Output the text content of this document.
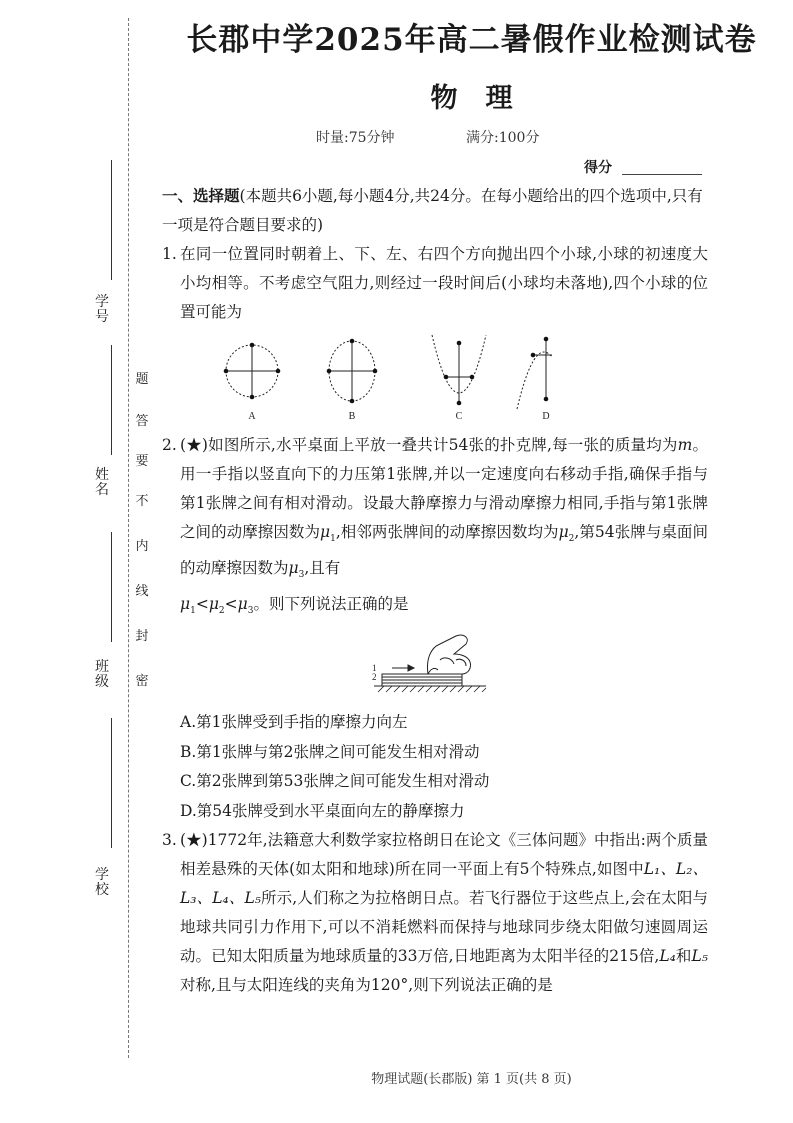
学号
姓名
班级
学校
密
封
线
内
不
要
答
题
长郡中学2025年高二暑假作业检测试卷
物理
时量:75分钟	满分:100分
得分

一、选择题(本题共6小题,每小题4分,共24分。在每小题给出的四个选项中,只有一项是符合题目要求的)

1. 在同一位置同时朝着上、下、左、右四个方向抛出四个小球,小球的初速度大小均相等。不考虑空气阻力,则经过一段时间后(小球均未落地),四个小球的位置可能为
A	B	C	D
2. (★)如图所示,水平桌面上平放一叠共计54张的扑克牌,每一张的质量均为m。用一手指以竖直向下的力压第1张牌,并以一定速度向右移动手指,确保手指与第1张牌之间有相对滑动。设最大静摩擦力与滑动摩擦力相同,手指与第1张牌之间的动摩擦因数为$\mu_1$,相邻两张牌间的动摩擦因数均为$\mu_2$,第54张牌与桌面间的动摩擦因数为$\mu_3$,且有
$\mu_1<\mu_2<\mu_3$。则下列说法正确的是
1
2
A.第1张牌受到手指的摩擦力向左
B.第1张牌与第2张牌之间可能发生相对滑动
C.第2张牌到第53张牌之间可能发生相对滑动
D.第54张牌受到水平桌面向左的静摩擦力
3. (★)1772年,法籍意大利数学家拉格朗日在论文《三体问题》中指出:两个质量相差悬殊的天体(如太阳和地球)所在同一平面上有5个特殊点,如图中L₁、L₂、L₃、L₄、L₅所示,人们称之为拉格朗日点。若飞行器位于这些点上,会在太阳与地球共同引力作用下,可以不消耗燃料而保持与地球同步绕太阳做匀速圆周运动。已知太阳质量为地球质量的33万倍,日地距离为太阳半径的215倍,L₄和L₅对称,且与太阳连线的夹角为120°,则下列说法正确的是
物理试题(长郡版) 第 1 页(共 8 页)
